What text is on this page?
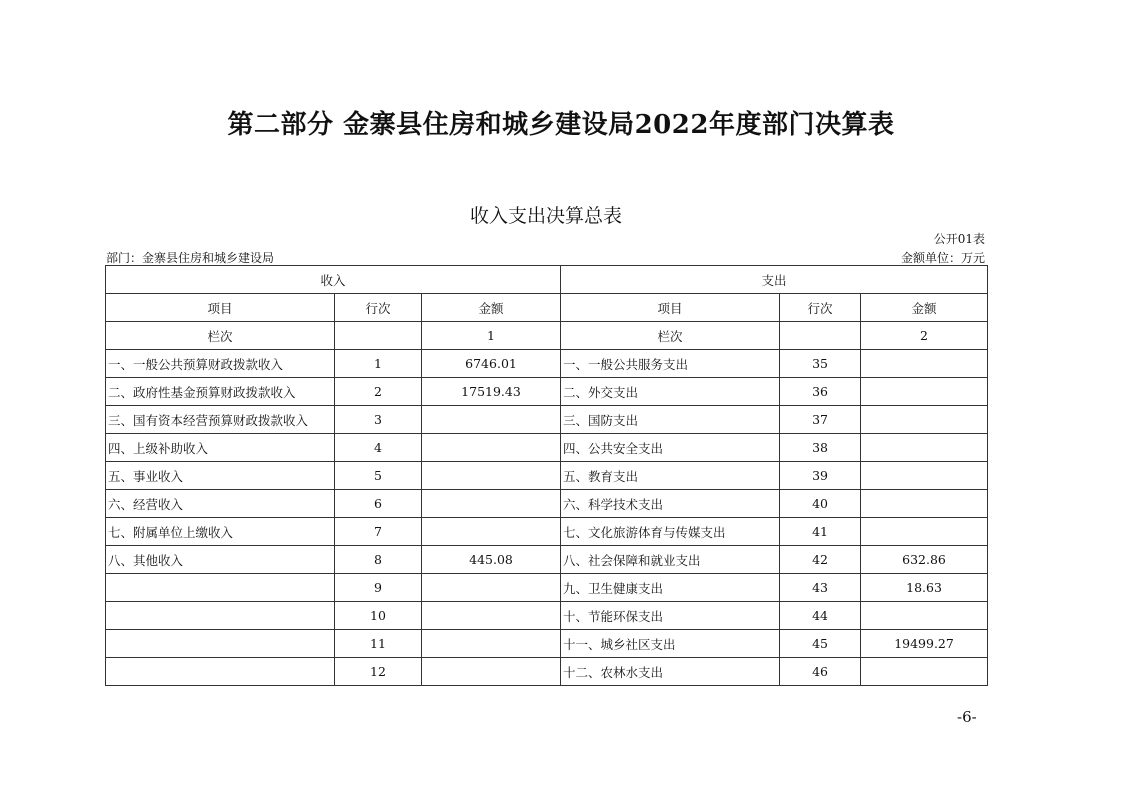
第二部分 金寨县住房和城乡建设局2022年度部门决算表
收入支出决算总表
公开01表
部门：金寨县住房和城乡建设局	金额单位：万元
收入			支出		
项目	行次	金额	项目	行次	金额
栏次		1	栏次		2
一、一般公共预算财政拨款收入	1	6746.01	一、一般公共服务支出	35	
二、政府性基金预算财政拨款收入	2	17519.43	二、外交支出	36	
三、国有资本经营预算财政拨款收入	3		三、国防支出	37	
四、上级补助收入	4		四、公共安全支出	38	
五、事业收入	5		五、教育支出	39	
六、经营收入	6		六、科学技术支出	40	
七、附属单位上缴收入	7		七、文化旅游体育与传媒支出	41	
八、其他收入	8	445.08	八、社会保障和就业支出	42	632.86
	9		九、卫生健康支出	43	18.63
	10		十、节能环保支出	44	
	11		十一、城乡社区支出	45	19499.27
	12		十二、农林水支出	46	
-6-
